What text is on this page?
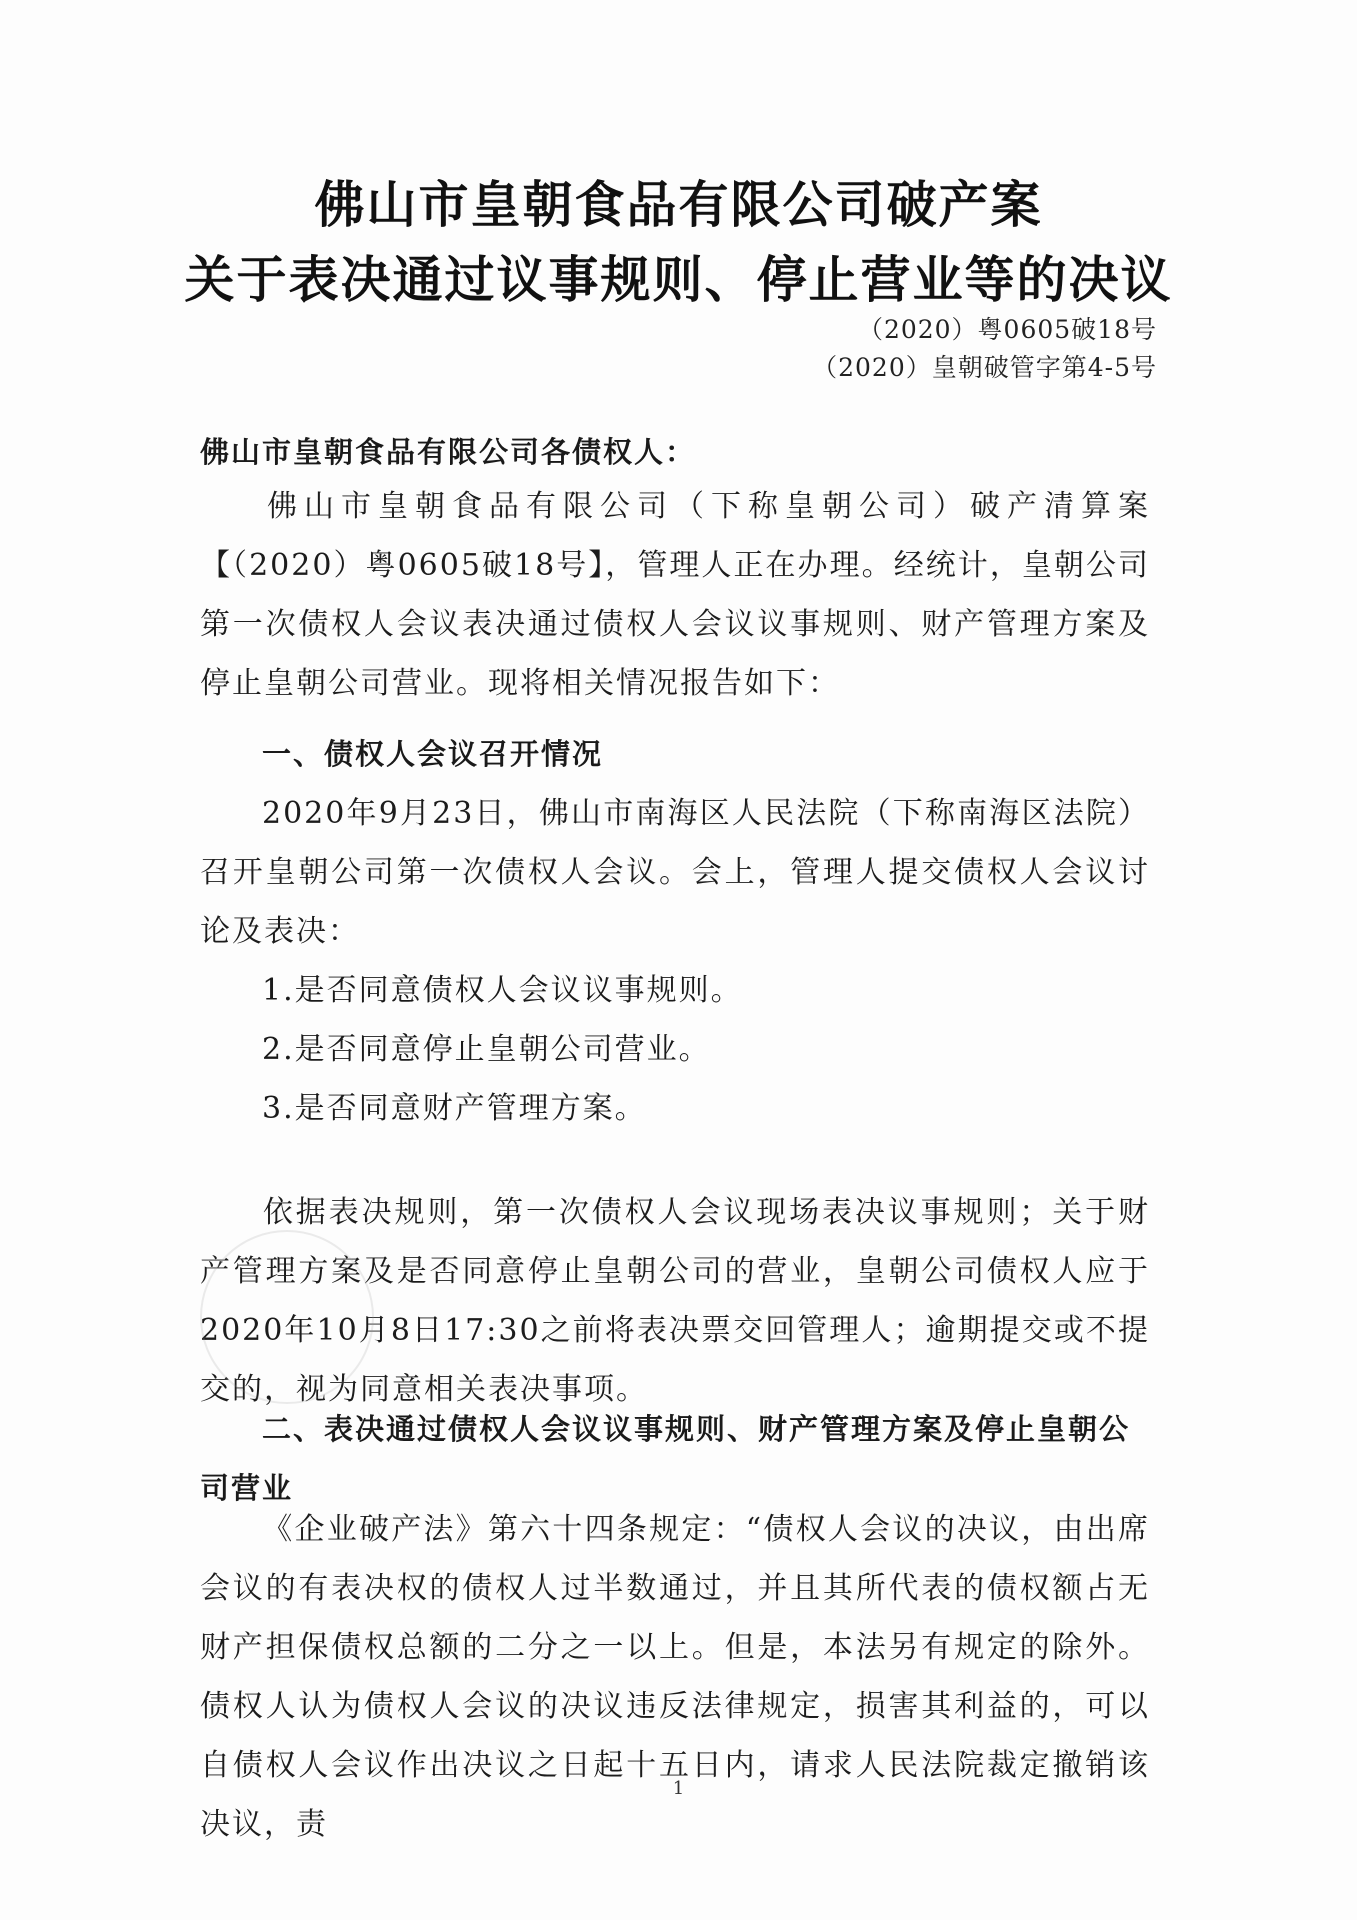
佛山市皇朝食品有限公司破产案
关于表决通过议事规则、停止营业等的决议
（2020）粤0605破18号
（2020）皇朝破管字第4-5号
佛山市皇朝食品有限公司各债权人：
佛山市皇朝食品有限公司（下称皇朝公司）破产清算案【（2020）粤0605破18号】，管理人正在办理。经统计，皇朝公司第一次债权人会议表决通过债权人会议议事规则、财产管理方案及停止皇朝公司营业。现将相关情况报告如下：
一、债权人会议召开情况
2020年9月23日，佛山市南海区人民法院（下称南海区法院）召开皇朝公司第一次债权人会议。会上，管理人提交债权人会议讨论及表决：
1.是否同意债权人会议议事规则。
2.是否同意停止皇朝公司营业。
3.是否同意财产管理方案。
依据表决规则，第一次债权人会议现场表决议事规则；关于财产管理方案及是否同意停止皇朝公司的营业，皇朝公司债权人应于2020年10月8日17:30之前将表决票交回管理人；逾期提交或不提交的，视为同意相关表决事项。
二、表决通过债权人会议议事规则、财产管理方案及停止皇朝公司营业
《企业破产法》第六十四条规定：“债权人会议的决议，由出席会议的有表决权的债权人过半数通过，并且其所代表的债权额占无财产担保债权总额的二分之一以上。但是，本法另有规定的除外。债权人认为债权人会议的决议违反法律规定，损害其利益的，可以自债权人会议作出决议之日起十五日内，请求人民法院裁定撤销该决议，责
1
